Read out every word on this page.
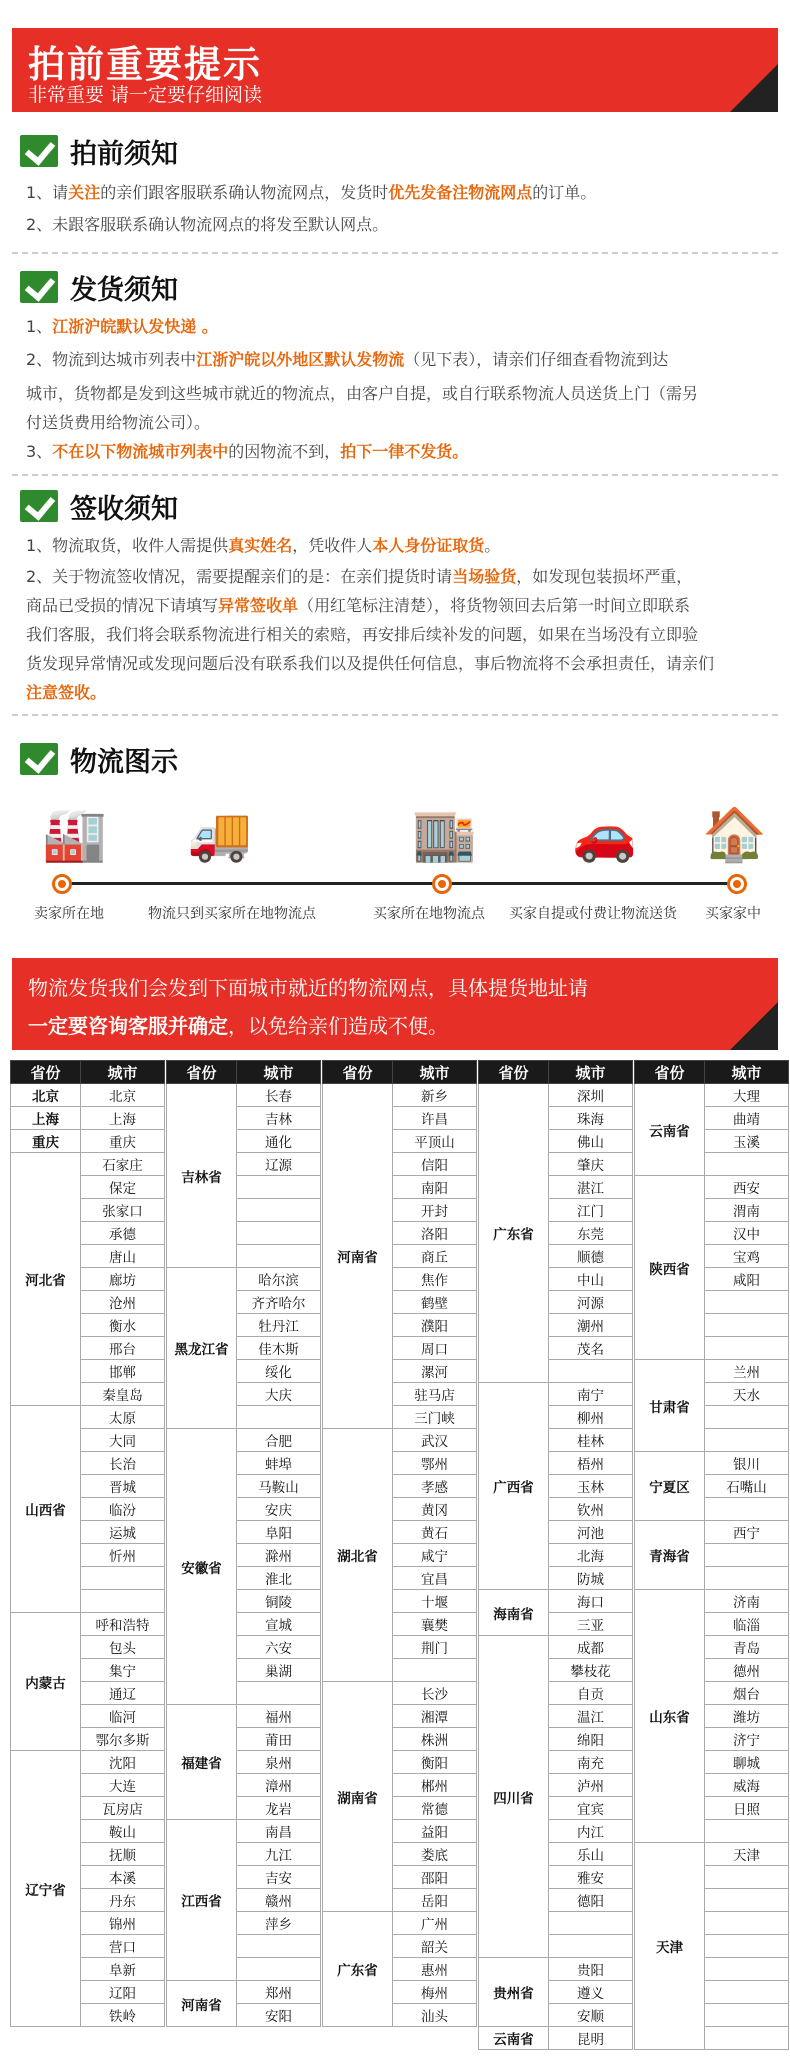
拍前重要提示
非常重要 请一定要仔细阅读
拍前须知
1、请关注的亲们跟客服联系确认物流网点，发货时优先发备注物流网点的订单。
2、未跟客服联系确认物流网点的将发至默认网点。
发货须知
1、江浙沪皖默认发快递 。
2、物流到达城市列表中江浙沪皖以外地区默认发物流（见下表），请亲们仔细查看物流到达
城市，货物都是发到这些城市就近的物流点，由客户自提，或自行联系物流人员送货上门（需另
付送货费用给物流公司）。
3、不在以下物流城市列表中的因物流不到，拍下一律不发货。
签收须知
1、物流取货，收件人需提供真实姓名，凭收件人本人身份证取货。
2、关于物流签收情况，需要提醒亲们的是：在亲们提货时请当场验货，如发现包装损坏严重，
商品已受损的情况下请填写异常签收单（用红笔标注清楚），将货物领回去后第一时间立即联系
我们客服，我们将会联系物流进行相关的索赔，再安排后续补发的问题，如果在当场没有立即验
货发现异常情况或发现问题后没有联系我们以及提供任何信息，事后物流将不会承担责任，请亲们
注意签收。
物流图示
🏭 🚚	🏬 🚗 🏠
卖家所在地	物流只到买家所在地物流点	买家所在地物流点 买家自提或付费让物流送货 买家家中
物流发货我们会发到下面城市就近的物流网点，具体提货地址请
一定要咨询客服并确定，以免给亲们造成不便。
省份	城市
北京	北京
上海	上海
重庆	重庆
河北省	石家庄
	保定
	张家口
	承德
	唐山
	廊坊
	沧州
	衡水
	邢台
	邯郸
	秦皇岛
山西省	太原
	大同
	长治
	晋城
	临汾
	运城
	忻州

内蒙古	呼和浩特
	包头
	集宁
	通辽
	临河
	鄂尔多斯
辽宁省	沈阳
	大连
	瓦房店
	鞍山
	抚顺
	本溪
	丹东
	锦州
	营口
	阜新
	辽阳
	铁岭
省份	城市
吉林省	长春
	吉林
	通化
	辽源

黑龙江省	哈尔滨
	齐齐哈尔
	牡丹江
	佳木斯
	绥化
	大庆

安徽省	合肥
	蚌埠
	马鞍山
	安庆
	阜阳
	滁州
	淮北
	铜陵
	宣城
	六安
	巢湖

福建省	福州
	莆田
	泉州
	漳州
	龙岩
江西省	南昌
	九江
	吉安
	赣州
	萍乡

河南省	郑州
	安阳
省份	城市
河南省	新乡
	许昌
	平顶山
	信阳
	南阳
	开封
	洛阳
	商丘
	焦作
	鹤壁
	濮阳
	周口
	漯河
	驻马店
	三门峡
湖北省	武汉
	鄂州
	孝感
	黄冈
	黄石
	咸宁
	宜昌
	十堰
	襄樊
	荆门

湖南省	长沙
	湘潭
	株洲
	衡阳
	郴州
	常德
	益阳
	娄底
	邵阳
	岳阳
广东省	广州
	韶关
	惠州
	梅州
	汕头
省份	城市
广东省	深圳
	珠海
	佛山
	肇庆
	湛江
	江门
	东莞
	顺德
	中山
	河源
	潮州
	茂名

广西省	南宁
	柳州
	桂林
	梧州
	玉林
	钦州
	河池
	北海
	防城
海南省	海口
	三亚
四川省	成都
	攀枝花
	自贡
	温江
	绵阳
	南充
	泸州
	宜宾
	内江
	乐山
	雅安
	德阳

贵州省	贵阳
	遵义
	安顺
云南省	昆明
省份	城市
云南省	大理
	曲靖
	玉溪

陕西省	西安
	渭南
	汉中
	宝鸡
	咸阳

甘肃省	兰州
	天水

宁夏区	银川
	石嘴山

青海省	西宁

山东省	济南
	临淄
	青岛
	德州
	烟台
	潍坊
	济宁
	聊城
	威海
	日照

天津	天津
